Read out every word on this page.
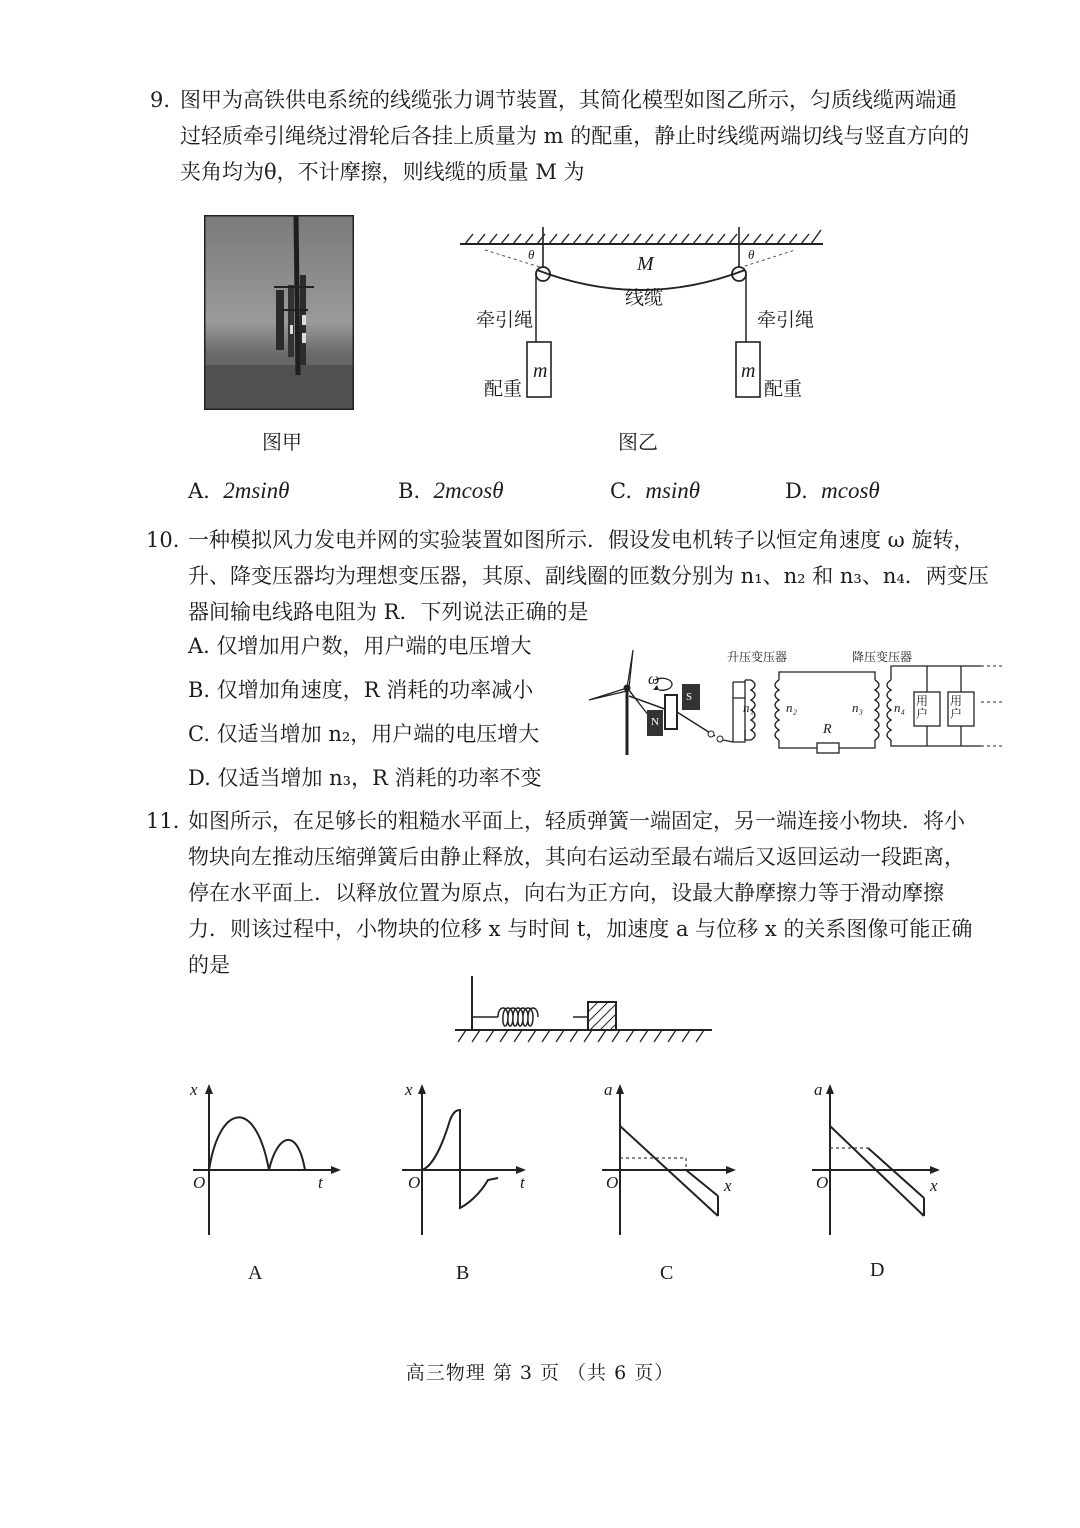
9. 图甲为高铁供电系统的线缆张力调节装置，其简化模型如图乙所示，匀质线缆两端通
过轻质牵引绳绕过滑轮后各挂上质量为 m 的配重，静止时线缆两端切线与竖直方向的
夹角均为θ，不计摩擦，则线缆的质量 M 为
图甲
θ	θ
M
线缆
牵引绳	牵引绳
m	m
配重	配重
图乙
A. 2msinθ	B. 2mcosθ	C. msinθ	D. mcosθ
10. 一种模拟风力发电并网的实验装置如图所示．假设发电机转子以恒定角速度 ω 旋转，
升、降变压器均为理想变压器，其原、副线圈的匝数分别为 n₁、n₂ 和 n₃、n₄．两变压
器间输电线路电阻为 R．下列说法正确的是
A. 仅增加用户数，用户端的电压增大
B. 仅增加角速度，R 消耗的功率减小
C. 仅适当增加 n₂，用户端的电压增大
D. 仅适当增加 n₃，R 消耗的功率不变
升压变压器	降压变压器
ω
S
N
n₁ n₂	n₃ n₄
R
用户
用户
11. 如图所示，在足够长的粗糙水平面上，轻质弹簧一端固定，另一端连接小物块．将小
物块向左推动压缩弹簧后由静止释放，其向右运动至最右端后又返回运动一段距离，
停在水平面上．以释放位置为原点，向右为正方向，设最大静摩擦力等于滑动摩擦
力．则该过程中，小物块的位移 x 与时间 t，加速度 a 与位移 x 的关系图像可能正确
的是
x
t
O
A
x
t
O
B
a
x
O
C
a
x
O
D
高三物理 第 3 页 （共 6 页）
